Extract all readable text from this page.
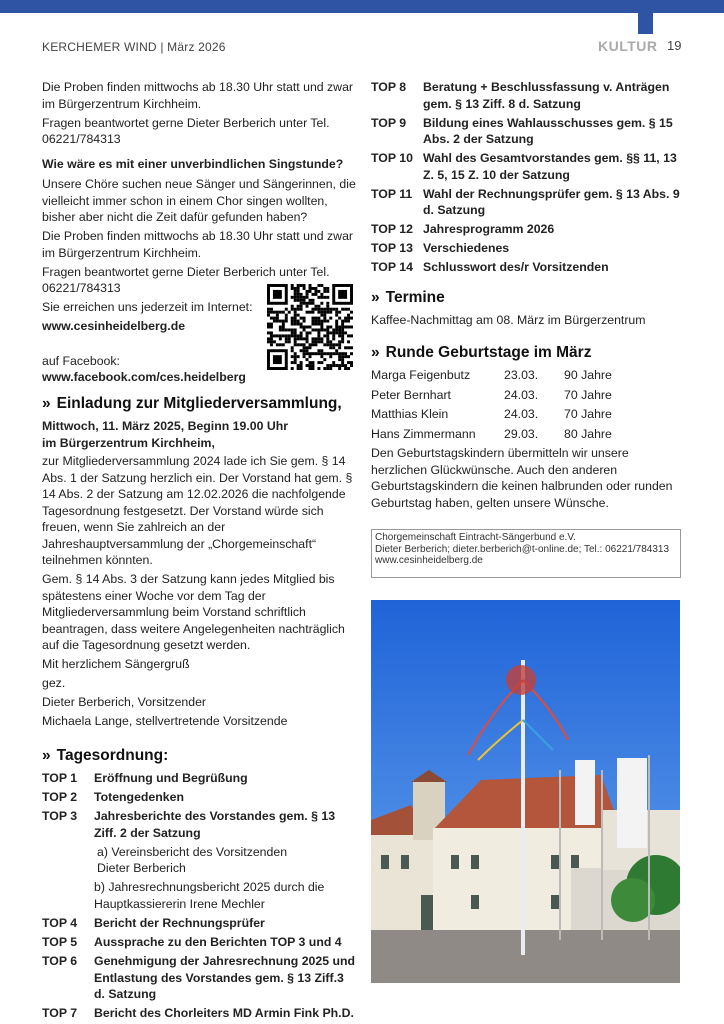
KERCHEMER WIND | März 2026	KULTUR 19

Die Proben finden mittwochs ab 18.30 Uhr statt und zwar im Bürgerzentrum Kirchheim.

Fragen beantwortet gerne Dieter Berberich unter Tel. 06221/784313

Wie wäre es mit einer unverbindlichen Singstunde?

Unsere Chöre suchen neue Sänger und Sängerinnen, die vielleicht immer schon in einem Chor singen wollten, bisher aber nicht die Zeit dafür gefunden haben?

Die Proben finden mittwochs ab 18.30 Uhr statt und zwar im Bürgerzentrum Kirchheim.

Fragen beantwortet gerne Dieter Berberich unter Tel. 06221/784313

Sie erreichen uns jederzeit im Internet:

www.cesinheidelberg.de

auf Facebook:

www.facebook.com/ces.heidelberg

» Einladung zur Mitgliederversammlung,

Mittwoch, 11. März 2025, Beginn 19.00 Uhr
im Bürgerzentrum Kirchheim,

zur Mitgliederversammlung 2024 lade ich Sie gem. § 14 Abs. 1 der Satzung herzlich ein. Der Vorstand hat gem. § 14 Abs. 2 der Satzung am 12.02.2026 die nachfolgende Tagesordnung festgesetzt. Der Vorstand würde sich freuen, wenn Sie zahlreich an der Jahreshauptversammlung der „Chorgemeinschaft“ teilnehmen könnten.

Gem. § 14 Abs. 3 der Satzung kann jedes Mitglied bis spätestens einer Woche vor dem Tag der Mitgliederversammlung beim Vorstand schriftlich beantragen, dass weitere Angelegenheiten nachträglich auf die Tagesordnung gesetzt werden.

Mit herzlichem Sängergruß

gez.

Dieter Berberich, Vorsitzender

Michaela Lange, stellvertretende Vorsitzende

» Tagesordnung:
TOP 1	Eröffnung und Begrüßung
TOP 2	Totengedenken
TOP 3	Jahresberichte des Vorstandes gem. § 13 Ziff. 2 der Satzung

a) Vereinsbericht des Vorsitzenden
Dieter Berberich

b) Jahresrechnungsbericht 2025 durch die Hauptkassiererin Irene Mechler

TOP 4	Bericht der Rechnungsprüfer
TOP 5	Aussprache zu den Berichten TOP 3 und 4
TOP 6	Genehmigung der Jahresrechnung 2025 und Entlastung des Vorstandes gem. § 13 Ziff.3 d. Satzung
TOP 7	Bericht des Chorleiters MD Armin Fink Ph.D.
TOP 8	Beratung + Beschlussfassung v. Anträgen gem. § 13 Ziff. 8 d. Satzung
TOP 9	Bildung eines Wahlausschusses gem. § 15 Abs. 2 der Satzung
TOP 10 Wahl des Gesamtvorstandes gem. §§ 11, 13 Z. 5, 15 Z. 10 der Satzung
TOP 11 Wahl der Rechnungsprüfer gem. § 13 Abs. 9 d. Satzung
TOP 12 Jahresprogramm 2026
TOP 13 Verschiedenes
TOP 14 Schlusswort des/r Vorsitzenden
» Termine

Kaffee-Nachmittag am 08. März im Bürgerzentrum

» Runde Geburtstage im März
Marga Feigenbutz	23.03.	90 Jahre
Peter Bernhart	24.03.	70 Jahre
Matthias Klein	24.03.	70 Jahre
Hans Zimmermann	29.03.	80 Jahre

Den Geburtstagskindern übermitteln wir unsere herzlichen Glückwünsche. Auch den anderen Geburtstagskindern die keinen halbrunden oder runden Geburtstag haben, gelten unsere Wünsche.

Chorgemeinschaft Eintracht-Sängerbund e.V.
Dieter Berberich; dieter.berberich@t-online.de; Tel.: 06221/784313
www.cesinheidelberg.de
